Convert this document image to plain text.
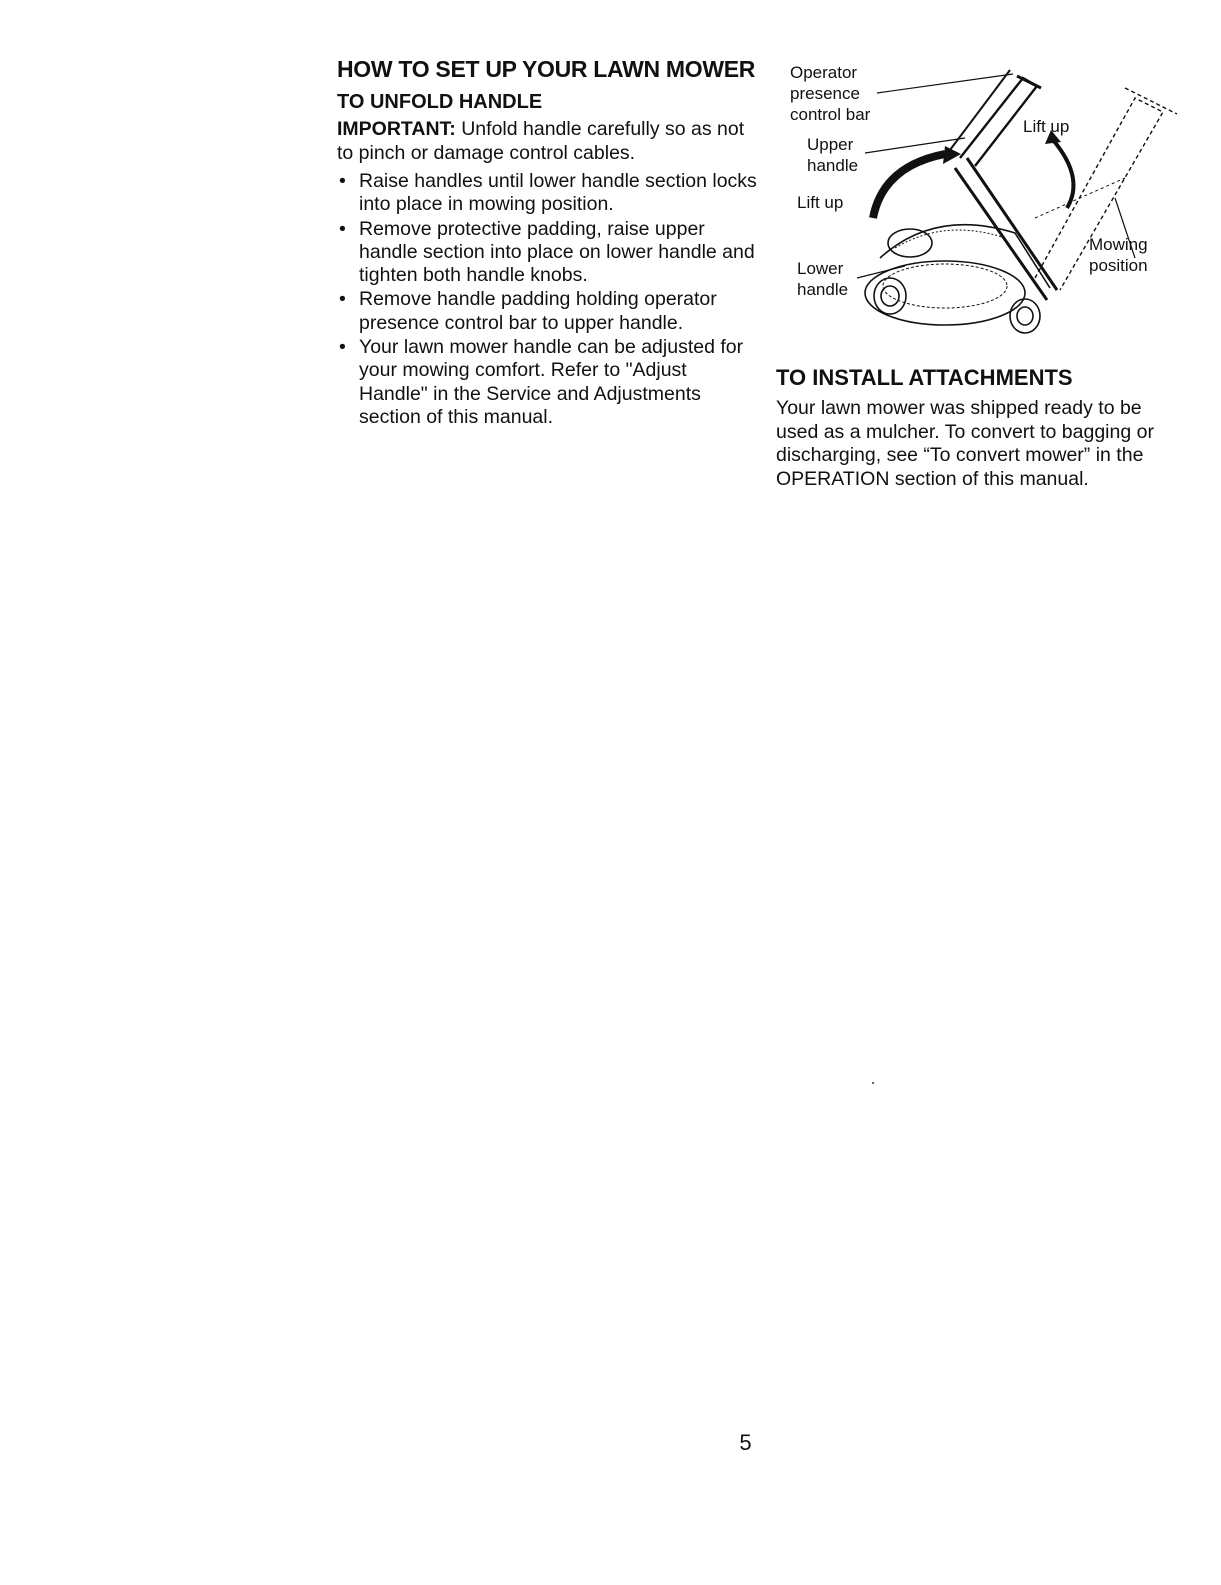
HOW TO SET UP YOUR LAWN MOWER
TO UNFOLD HANDLE

IMPORTANT: Unfold handle carefully so as not to pinch or damage control cables.

• Raise handles until lower handle section locks into place in mowing position.
• Remove protective padding, raise upper handle section into place on lower handle and tighten both handle knobs.
• Remove handle padding holding operator presence control bar to upper handle.
• Your lawn mower handle can be adjusted for your mowing comfort. Refer to "Adjust Handle" in the Service and Adjustments section of this manual.
Operator presence control bar
Upper handle
Lift up
Lower handle
Lift up
Mowing position
TO INSTALL ATTACHMENTS

Your lawn mower was shipped ready to be used as a mulcher. To convert to bagging or discharging, see “To convert mower” in the OPERATION section of this manual.

5
